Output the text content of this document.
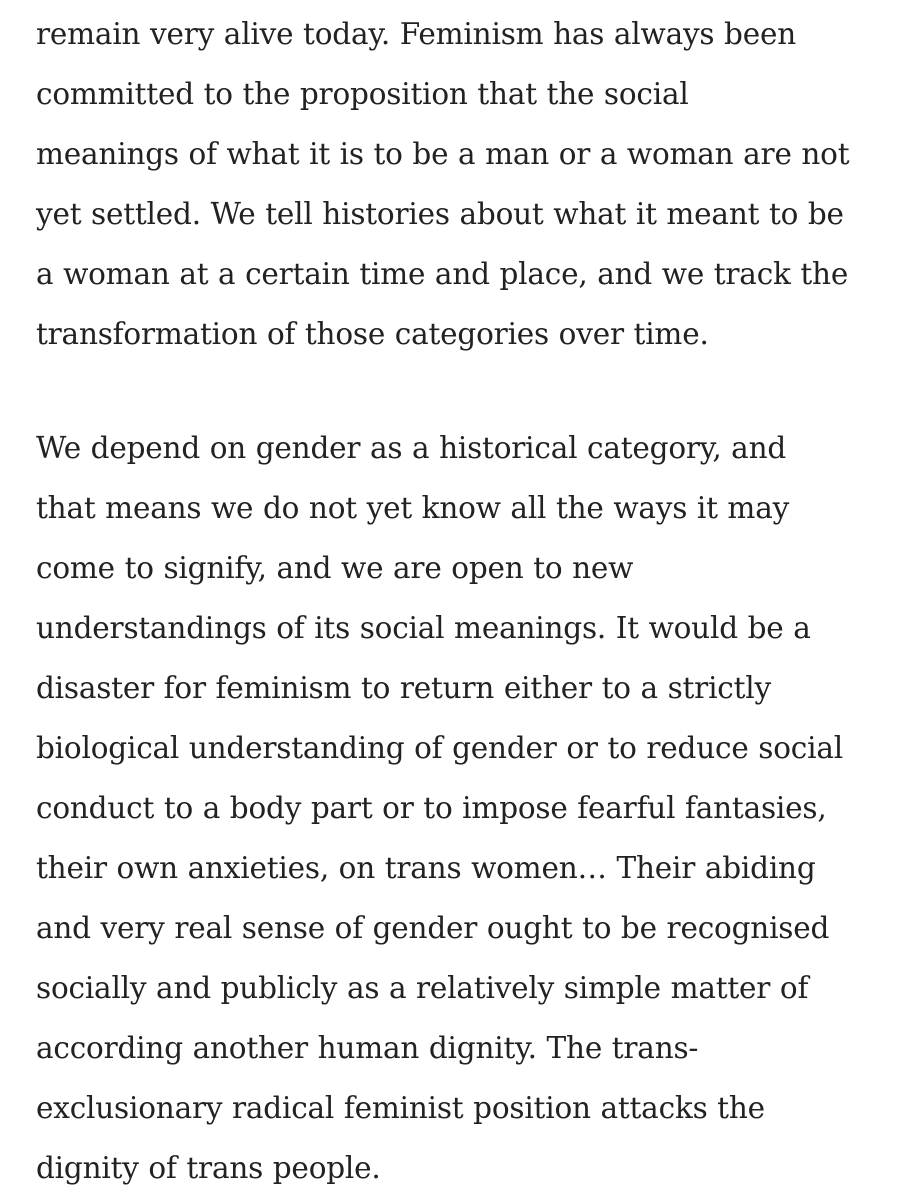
remain very alive today. Feminism has always been
committed to the proposition that the social
meanings of what it is to be a man or a woman are not
yet settled. We tell histories about what it meant to be
a woman at a certain time and place, and we track the
transformation of those categories over time.

We depend on gender as a historical category, and
that means we do not yet know all the ways it may
come to signify, and we are open to new
understandings of its social meanings. It would be a
disaster for feminism to return either to a strictly
biological understanding of gender or to reduce social
conduct to a body part or to impose fearful fantasies,
their own anxieties, on trans women… Their abiding
and very real sense of gender ought to be recognised
socially and publicly as a relatively simple matter of
according another human dignity. The trans-
exclusionary radical feminist position attacks the
dignity of trans people.
